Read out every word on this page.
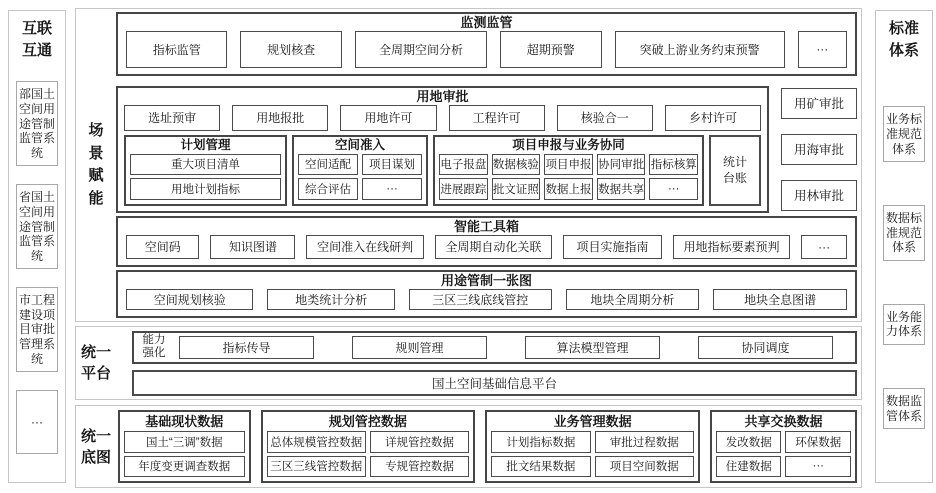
互联互通
部国土空间用途管制监管系统
省国土空间用途管制监管系统
市工程建设项目审批管理系统
···
标准体系
业务标准规范体系
数据标准规范体系
业务能力体系
数据监管体系
场景赋能
监测监管
指标监管	规划核查	全周期空间分析	超期预警	突破上游业务约束预警	···
用地审批
选址预审	用地报批	用地许可	工程许可	核验合一	乡村许可
计划管理
重大项目清单
用地计划指标
空间准入
空间适配	项目谋划
综合评估	···
项目申报与业务协同
电子报盘 数据核验 项目申报 协同审批 指标核算
进展跟踪 批文证照 数据上报 数据共享	···
统计台账
用矿审批
用海审批
用林审批
智能工具箱
空间码	知识图谱	空间准入在线研判	全周期自动化关联	项目实施指南	用地指标要素预判	···
用途管制一张图
空间规划核验	地类统计分析	三区三线底线管控	地块全周期分析	地块全息图谱
统一平台
能力强化	指标传导	规则管理	算法模型管理	协同调度
国土空间基础信息平台
统一底图
基础现状数据
国土“三调”数据
年度变更调查数据
规划管控数据
总体规模管控数据	详规管控数据
三区三线管控数据	专规管控数据
业务管理数据
计划指标数据	审批过程数据
批文结果数据	项目空间数据
共享交换数据
发改数据	环保数据
住建数据	···
